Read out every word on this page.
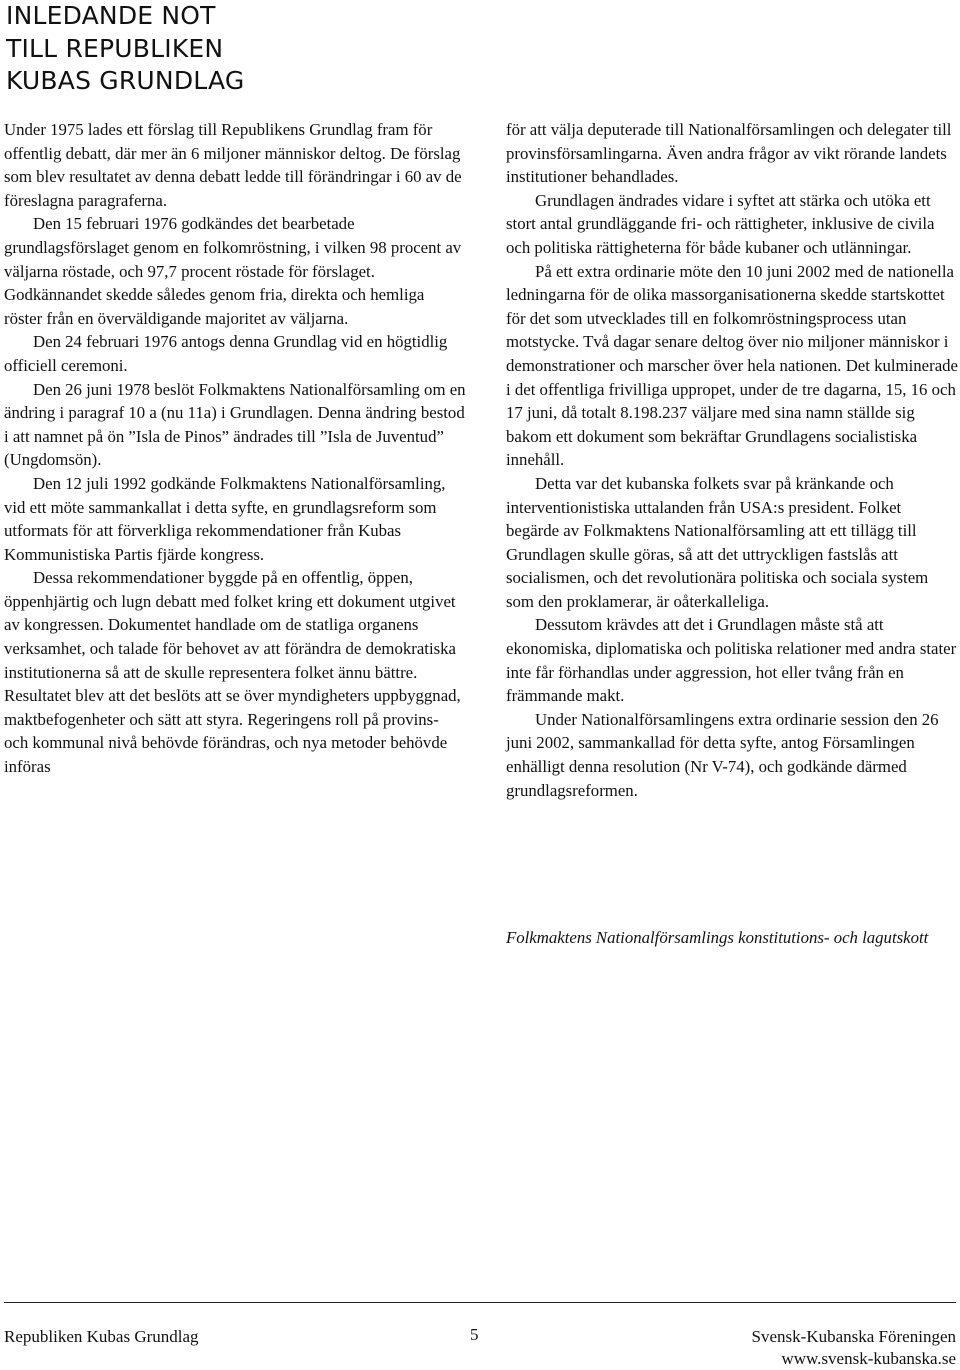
INLEDANDE NOT
TILL REPUBLIKEN
KUBAS GRUNDLAG

Under 1975 lades ett förslag till Republikens Grundlag fram för offentlig debatt, där mer än 6 miljoner människor deltog. De förslag som blev resultatet av denna debatt ledde till förändringar i 60 av de föreslagna paragraferna.

Den 15 februari 1976 godkändes det bearbetade grundlagsförslaget genom en folkomröstning, i vilken 98 procent av väljarna röstade, och 97,7 procent röstade för förslaget. Godkännandet skedde således genom fria, direkta och hemliga röster från en överväldigande majoritet av väljarna.

Den 24 februari 1976 antogs denna Grundlag vid en högtidlig officiell ceremoni.

Den 26 juni 1978 beslöt Folkmaktens Nationalförsamling om en ändring i paragraf 10 a (nu 11a) i Grundlagen. Denna ändring bestod i att namnet på ön ”Isla de Pinos” ändrades till ”Isla de Juventud” (Ungdomsön).

Den 12 juli 1992 godkände Folkmaktens Nationalförsamling, vid ett möte sammankallat i detta syfte, en grundlagsreform som utformats för att förverkliga rekommendationer från Kubas Kommunistiska Partis fjärde kongress.

Dessa rekommendationer byggde på en offentlig, öppen, öppenhjärtig och lugn debatt med folket kring ett dokument utgivet av kongressen. Dokumentet handlade om de statliga organens verksamhet, och talade för behovet av att förändra de demokratiska institutionerna så att de skulle representera folket ännu bättre. Resultatet blev att det beslöts att se över myndigheters uppbyggnad, maktbefogenheter och sätt att styra. Regeringens roll på provins- och kommunal nivå behövde förändras, och nya metoder behövde införas

för att välja deputerade till Nationalförsamlingen och delegater till provinsförsamlingarna. Även andra frågor av vikt rörande landets institutioner behandlades.

Grundlagen ändrades vidare i syftet att stärka och utöka ett stort antal grundläggande fri- och rättigheter, inklusive de civila och politiska rättigheterna för både kubaner och utlänningar.

På ett extra ordinarie möte den 10 juni 2002 med de nationella ledningarna för de olika massorganisationerna skedde startskottet för det som utvecklades till en folkomröstningsprocess utan motstycke. Två dagar senare deltog över nio miljoner människor i demonstrationer och marscher över hela nationen. Det kulminerade i det offentliga frivilliga uppropet, under de tre dagarna, 15, 16 och 17 juni, då totalt 8.198.237 väljare med sina namn ställde sig bakom ett dokument som bekräftar Grundlagens socialistiska innehåll.

Detta var det kubanska folkets svar på kränkande och interventionistiska uttalanden från USA:s president. Folket begärde av Folkmaktens Nationalförsamling att ett tillägg till Grundlagen skulle göras, så att det uttryckligen fastslås att socialismen, och det revolutionära politiska och sociala system som den proklamerar, är oåterkalleliga.

Dessutom krävdes att det i Grundlagen måste stå att ekonomiska, diplomatiska och politiska relationer med andra stater inte får förhandlas under aggression, hot eller tvång från en främmande makt.

Under Nationalförsamlingens extra ordinarie session den 26 juni 2002, sammankallad för detta syfte, antog Församlingen enhälligt denna resolution (Nr V-74), och godkände därmed grundlagsreformen.

Folkmaktens Nationalförsamlings konstitutions- och lagutskott
Republiken Kubas Grundlag	5	Svensk-Kubanska Föreningen
www.svensk-kubanska.se
